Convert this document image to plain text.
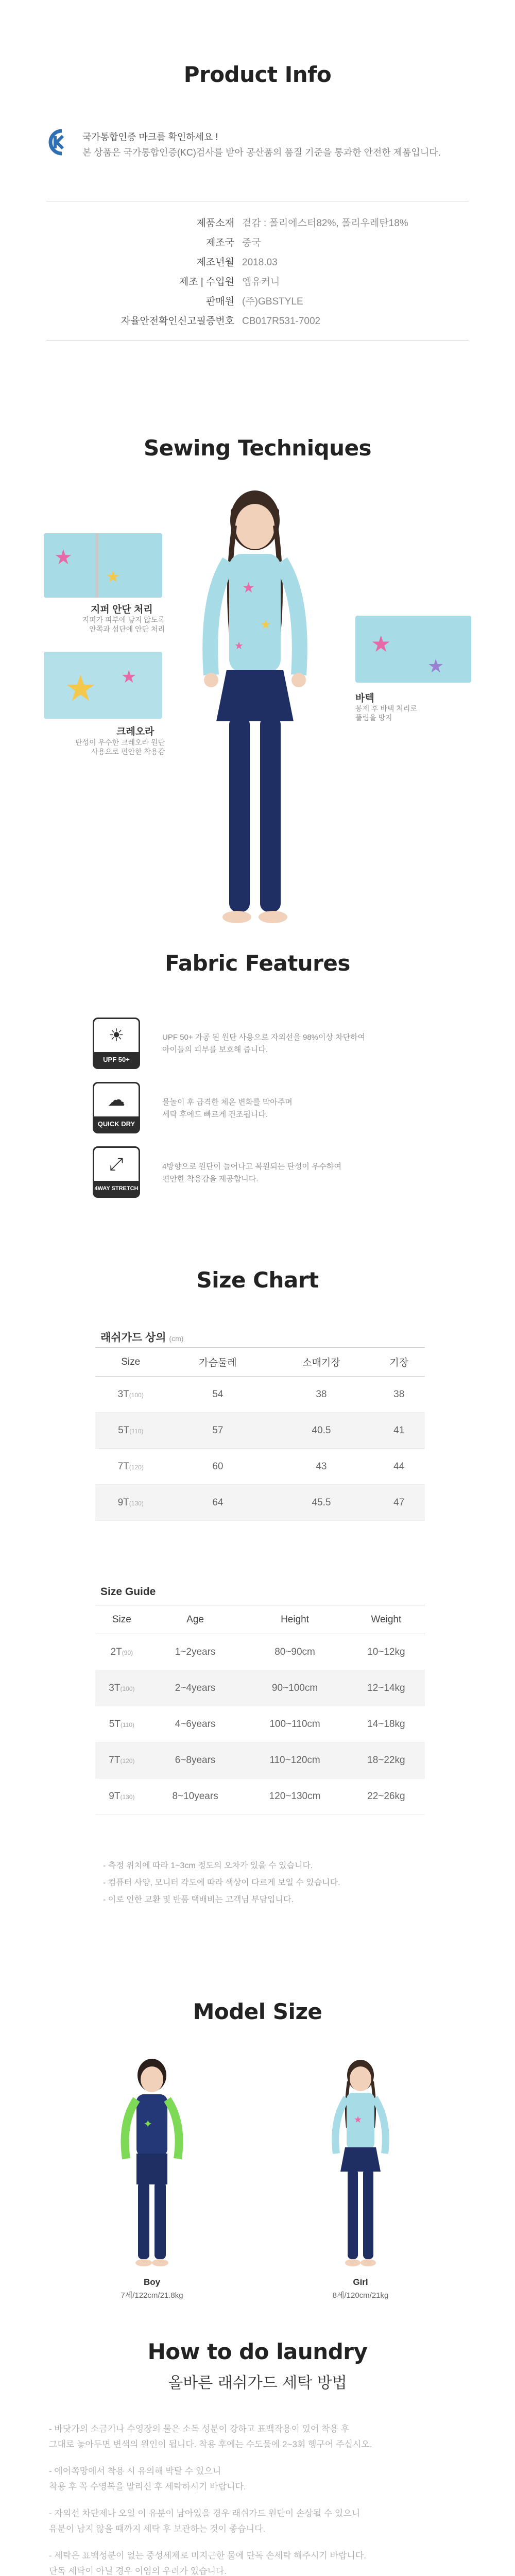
Product Info
국가통합인증 마크를 확인하세요 !
본 상품은 국가통합인증(KC)검사를 받아 공산품의 품질 기준을 통과한 안전한 제품입니다.
제품소재 겉감 : 폴리에스터82%, 폴리우레탄18%
제조국 중국
제조년월 2018.03
제조 | 수입원 엠유커니
판매원 (주)GBSTYLE
자율안전확인신고필증번호 CB017R531-7002
Sewing Techniques
★
★
★
★
★
지퍼 안단 처리
지퍼가 피부에 닿지 않도록
안쪽과 섬단에 안단 처리
★ ★
크레오라
탄성이 우수한 크레오라 원단
사용으로 편안한 착용감
★
★
바텍
봉제 후 바텍 처리로
풀림을 방지
Fabric Features
☀
UPF 50+
UPF 50+ 가공 된 원단 사용으로 자외선을 98%이상 차단하여
아이들의 피부를 보호해 줍니다.
☁
QUICK DRY
물놀이 후 급격한 체온 변화를 막아주며
세탁 후에도 빠르게 건조됩니다.
⤢
4WAY STRETCH
4방향으로 원단이 늘어나고 복원되는 탄성이 우수하여
편안한 착용감을 제공합니다.
Size Chart
래쉬가드 상의 (cm)
Size	가슴둘레	소매기장	기장
3T(100)	54	38	38
5T(110)	57	40.5	41
7T(120)	60	43	44
9T(130)	64	45.5	47
Size Guide
Size	Age	Height	Weight
2T(90)	1~2years	80~90cm	10~12kg
3T(100)	2~4years	90~100cm	12~14kg
5T(110)	4~6years	100~110cm	14~18kg
7T(120)	6~8years	110~120cm	18~22kg
9T(130)	8~10years	120~130cm	22~26kg
- 측정 위치에 따라 1~3cm 정도의 오차가 있을 수 있습니다.
- 컴퓨터 사양, 모니터 각도에 따라 색상이 다르게 보일 수 있습니다.
- 이로 인한 교환 및 반품 택배비는 고객님 부담입니다.
Model Size
✦
Boy
7세/122cm/21.8kg
★
Girl
8세/120cm/21kg
How to do laundry
올바른 래쉬가드 세탁 방법

- 바닷가의 소금기나 수영장의 물은 소독 성분이 강하고 표백작용이 있어 착용 후
그대로 놓아두면 변색의 원인이 됩니다. 착용 후에는 수도물에 2~3회 헹구어 주십시오.

- 에어쪽망에서 착용 시 유의해 박탈 수 있으니
착용 후 꼭 수영복을 말리신 후 세탁하시기 바랍니다.

- 자외선 차단제나 오일 이 유분이 남아있을 경우 래쉬가드 원단이 손상될 수 있으니
유분이 남지 않을 때까지 세탁 후 보관하는 것이 좋습니다.

- 세탁은 표백성분이 없는 중성세제로 미지근한 물에 단독 손세탁 해주시기 바랍니다.
단독 세탁이 아닐 경우 이염의 우려가 있습니다.
